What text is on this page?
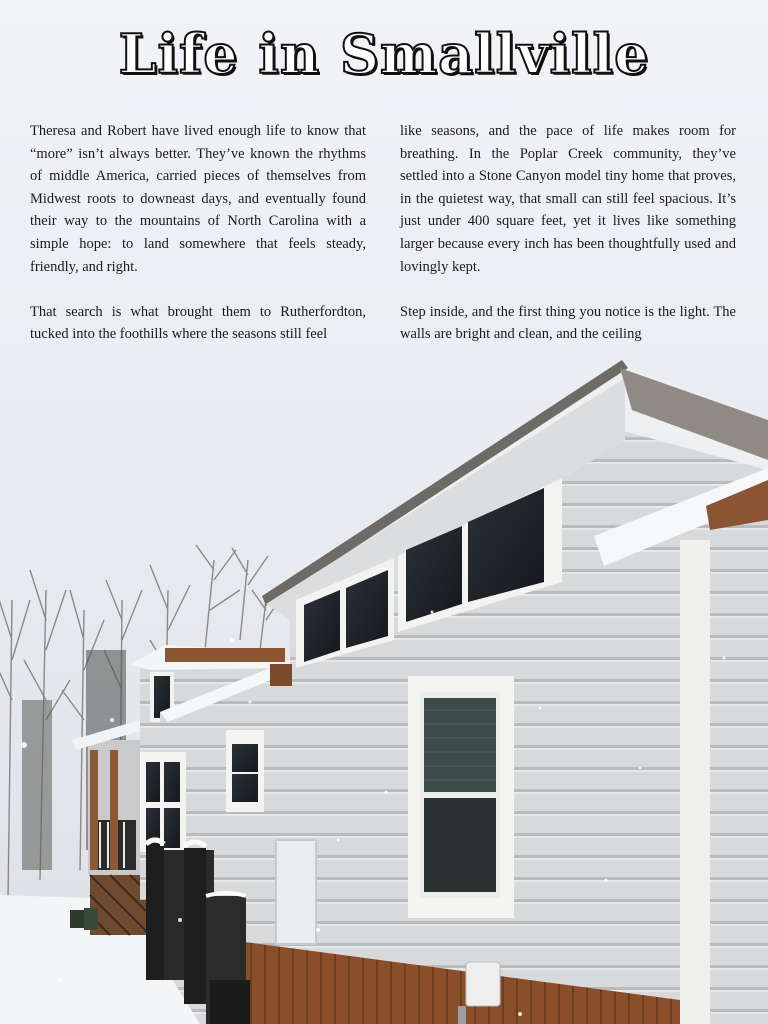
Life in Smallville

Theresa and Robert have lived enough life to know that “more” isn’t always better. They’ve known the rhythms of middle America, carried pieces of themselves from Midwest roots to downeast days, and eventually found their way to the mountains of North Carolina with a simple hope: to land somewhere that feels steady, friendly, and right.

That search is what brought them to Rutherfordton, tucked into the foothills where the seasons still feel

like seasons, and the pace of life makes room for breathing. In the Poplar Creek community, they’ve settled into a Stone Canyon model tiny home that proves, in the quietest way, that small can still feel spacious. It’s just under 400 square feet, yet it lives like something larger because every inch has been thoughtfully used and lovingly kept.

Step inside, and the first thing you notice is the light. The walls are bright and clean, and the ceiling
